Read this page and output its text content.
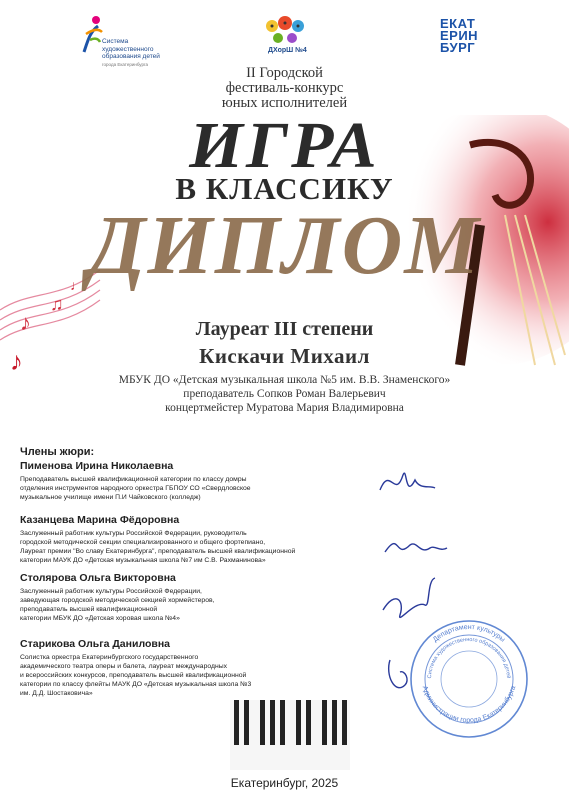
Система
художественного
образования детей
города Екатеринбурга
ДХорШ №4
ЕКАТ
ЕРИН
БУРГ
♪
♫
♪
♩
II Городской
фестиваль-конкурс
юных исполнителей
ИГРА
В КЛАССИКУ
ДИПЛОМ
Лауреат III степени
Кискачи Михаил
МБУК ДО «Детская музыкальная школа №5 им. В.В. Знаменского»
преподаватель Сопков Роман Валерьевич
концертмейстер Муратова Мария Владимировна
Члены жюри:
Пименова Ирина Николаевна
Преподаватель высшей квалификационной категории по классу домры
отделения инструментов народного оркестра ГБПОУ СО «Свердловское
музыкальное училище имени П.И Чайковского (колледж)
Казанцева Марина Фёдоровна
Заслуженный работник культуры Российской Федерации, руководитель
городской методической секции специализированного и общего фортепиано,
Лауреат премии "Во славу Екатеринбурга", преподаватель высшей квалификационной
категории МАУК ДО «Детская музыкальная школа №7 им С.В. Рахманинова»
Столярова Ольга Викторовна
Заслуженный работник культуры Российской Федерации,
заведующая городской методической секцией хормейстеров,
преподаватель высшей квалификационной
категории МБУК ДО «Детская хоровая школа №4»
Старикова Ольга Даниловна
Солистка оркестра Екатеринбургского государственного
академического театра оперы и балета, лауреат международных
и всероссийских конкурсов, преподаватель высшей квалификационной
категории по классу флейты МАУК ДО «Детская музыкальная школа №3
им. Д.Д. Шостаковича»
Департамент культуры
Система художественного образования детей
Администрации города Екатеринбурга
Екатеринбург, 2025
